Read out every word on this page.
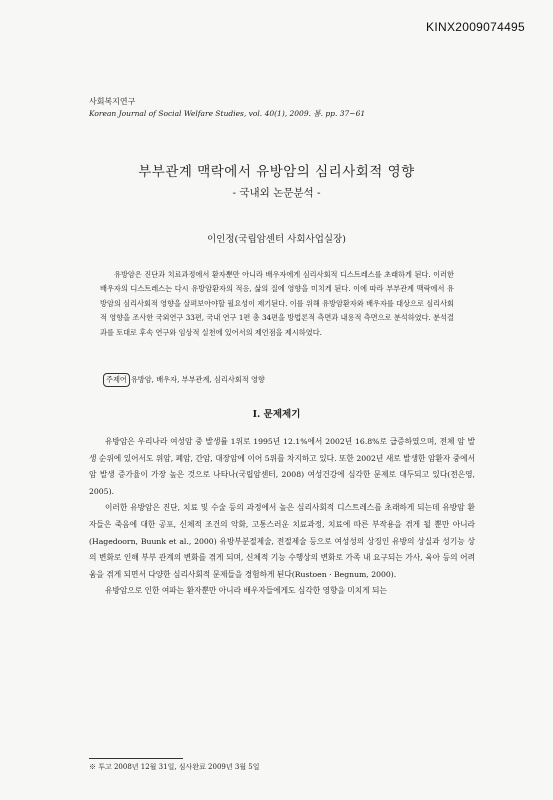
KINX2009074495
사회복지연구
Korean Journal of Social Welfare Studies, vol. 40(1), 2009. 봄. pp. 37~61
부부관계 맥락에서 유방암의 심리사회적 영향
- 국내외 논문분석 -
이인정(국립암센터 사회사업실장)

유방암은 진단과 치료과정에서 환자뿐만 아니라 배우자에게 심리사회적 디스트레스를 초래하게 된다. 이러한 배우자의 디스트레스는 다시 유방암환자의 적응, 삶의 질에 영향을 미치게 된다. 이에 따라 부부관계 맥락에서 유방암의 심리사회적 영향을 살펴보아야할 필요성이 제기된다. 이를 위해 유방암환자와 배우자를 대상으로 심리사회적 영향을 조사한 국외연구 33편, 국내 연구 1편 총 34편을 방법론적 측면과 내용적 측면으로 분석하였다. 분석결과를 토대로 후속 연구와 임상적 실천에 있어서의 제언점을 제시하였다.

주제어 유방암, 배우자, 부부관계, 심리사회적 영향
I. 문제제기

유방암은 우리나라 여성암 중 발생률 1위로 1995년 12.1%에서 2002년 16.8%로 급증하였으며, 전체 암 발생 순위에 있어서도 위암, 폐암, 간암, 대장암에 이어 5위를 차지하고 있다. 또한 2002년 새로 발생한 암환자 중에서 암 발생 증가율이 가장 높은 것으로 나타나(국립암센터, 2008) 여성건강에 심각한 문제로 대두되고 있다(전은영, 2005).

이러한 유방암은 진단, 치료 및 수술 등의 과정에서 높은 심리사회적 디스트레스를 초래하게 되는데 유방암 환자들은 죽음에 대한 공포, 신체적 조건의 악화, 고통스러운 치료과정, 치료에 따른 부작용을 겪게 될 뿐만 아니라(Hagedoorn, Buunk et al., 2000) 유방부분절제술, 전절제술 등으로 여성성의 상징인 유방의 상실과 성기능 상의 변화로 인해 부부 관계의 변화를 겪게 되며, 신체적 기능 수행상의 변화로 가족 내 요구되는 가사, 육아 등의 어려움을 겪게 되면서 다양한 심리사회적 문제들을 경험하게 된다(Rustoen · Begnum, 2000).

유방암으로 인한 여파는 환자뿐만 아니라 배우자들에게도 심각한 영향을 미치게 되는

※ 투고 2008년 12월 31일, 심사완료 2009년 3월 5일
